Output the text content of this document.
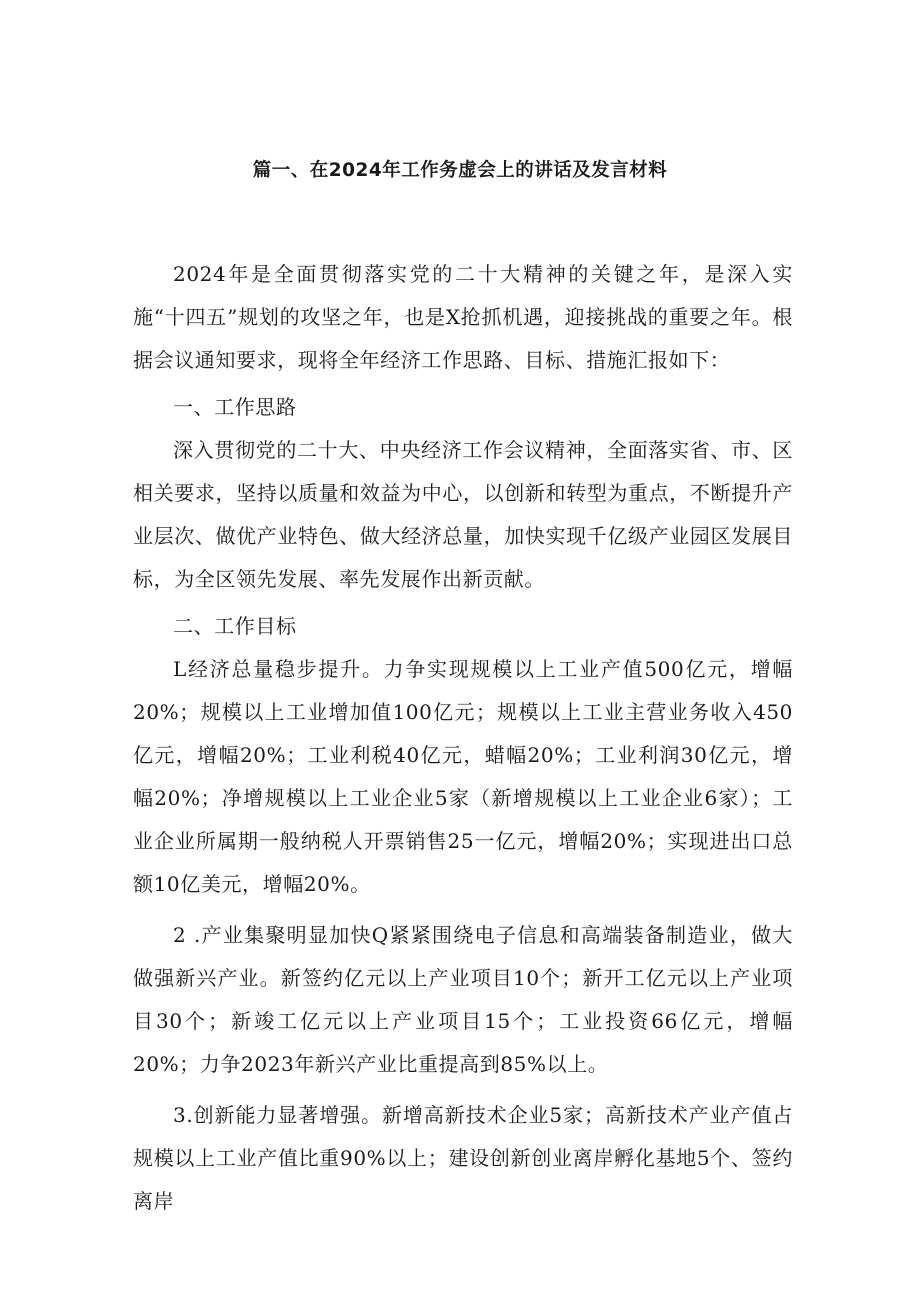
篇一、在2024年工作务虚会上的讲话及发言材料

2024年是全面贯彻落实党的二十大精神的关键之年，是深入实施“十四五”规划的攻坚之年，也是X抢抓机遇，迎接挑战的重要之年。根据会议通知要求，现将全年经济工作思路、目标、措施汇报如下：

一、工作思路

深入贯彻党的二十大、中央经济工作会议精神，全面落实省、市、区相关要求，坚持以质量和效益为中心，以创新和转型为重点，不断提升产业层次、做优产业特色、做大经济总量，加快实现千亿级产业园区发展目标，为全区领先发展、率先发展作出新贡献。

二、工作目标

L经济总量稳步提升。力争实现规模以上工业产值500亿元，增幅20%；规模以上工业增加值100亿元；规模以上工业主营业务收入450亿元，增幅20%；工业利税40亿元，蜡幅20%；工业利润30亿元，增幅20%；净增规模以上工业企业5家（新增规模以上工业企业6家）；工业企业所属期一般纳税人开票销售25一亿元，增幅20%；实现进出口总额10亿美元，增幅20%。

2 .产业集聚明显加快Q紧紧围绕电子信息和高端装备制造业，做大做强新兴产业。新签约亿元以上产业项目10个；新开工亿元以上产业项目30个；新竣工亿元以上产业项目15个；工业投资66亿元，增幅20%；力争2023年新兴产业比重提高到85%以上。

3.创新能力显著增强。新增高新技术企业5家；高新技术产业产值占规模以上工业产值比重90%以上；建设创新创业离岸孵化基地5个、签约离岸
